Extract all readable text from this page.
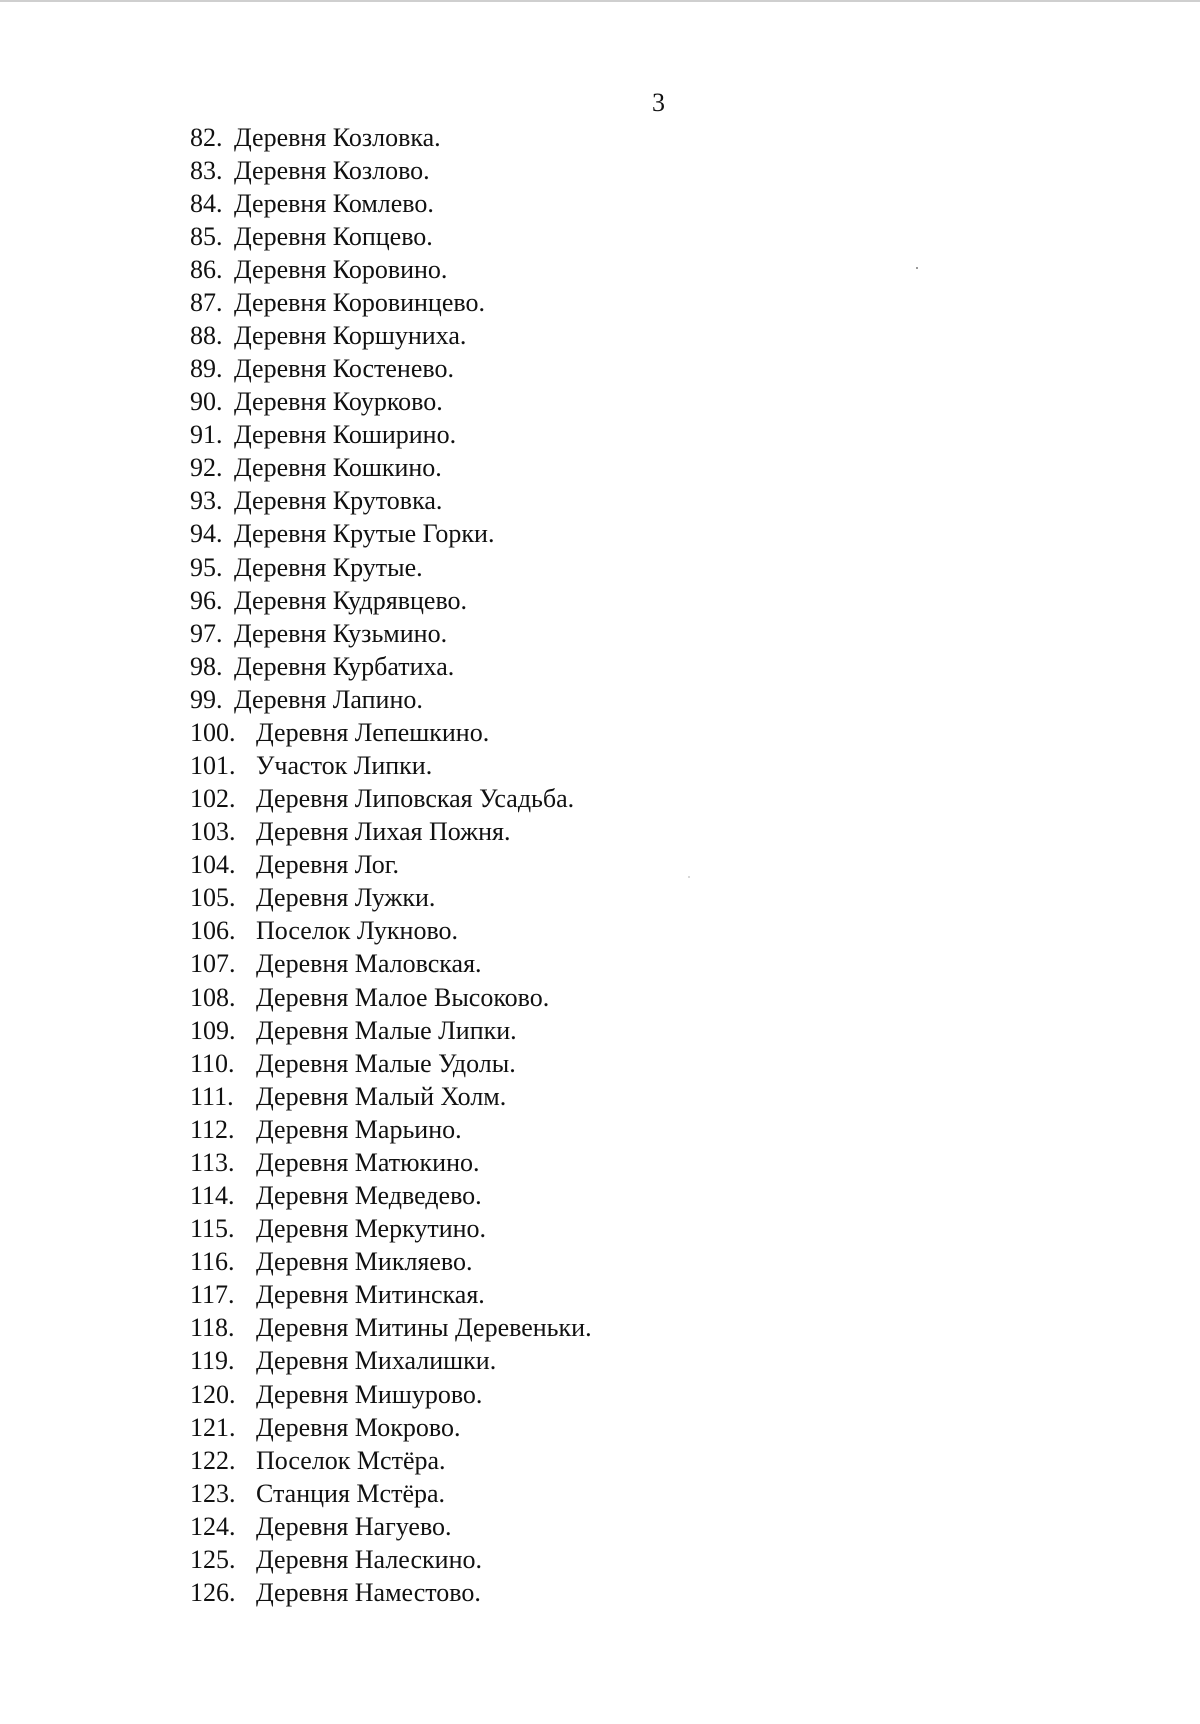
3
82. Деревня Козловка.
83. Деревня Козлово.
84. Деревня Комлево.
85. Деревня Копцево.
86. Деревня Коровино.
87. Деревня Коровинцево.
88. Деревня Коршуниха.
89. Деревня Костенево.
90. Деревня Коурково.
91. Деревня Коширино.
92. Деревня Кошкино.
93. Деревня Крутовка.
94. Деревня Крутые Горки.
95. Деревня Крутые.
96. Деревня Кудрявцево.
97. Деревня Кузьмино.
98. Деревня Курбатиха.
99. Деревня Лапино.
100. Деревня Лепешкино.
101. Участок Липки.
102. Деревня Липовская Усадьба.
103. Деревня Лихая Пожня.
104. Деревня Лог.
105. Деревня Лужки.
106. Поселок Лукново.
107. Деревня Маловская.
108. Деревня Малое Высоково.
109. Деревня Малые Липки.
110. Деревня Малые Удолы.
111. Деревня Малый Холм.
112. Деревня Марьино.
113. Деревня Матюкино.
114. Деревня Медведево.
115. Деревня Меркутино.
116. Деревня Микляево.
117. Деревня Митинская.
118. Деревня Митины Деревеньки.
119. Деревня Михалишки.
120. Деревня Мишурово.
121. Деревня Мокрово.
122. Поселок Мстёра.
123. Станция Мстёра.
124. Деревня Нагуево.
125. Деревня Налескино.
126. Деревня Наместово.
